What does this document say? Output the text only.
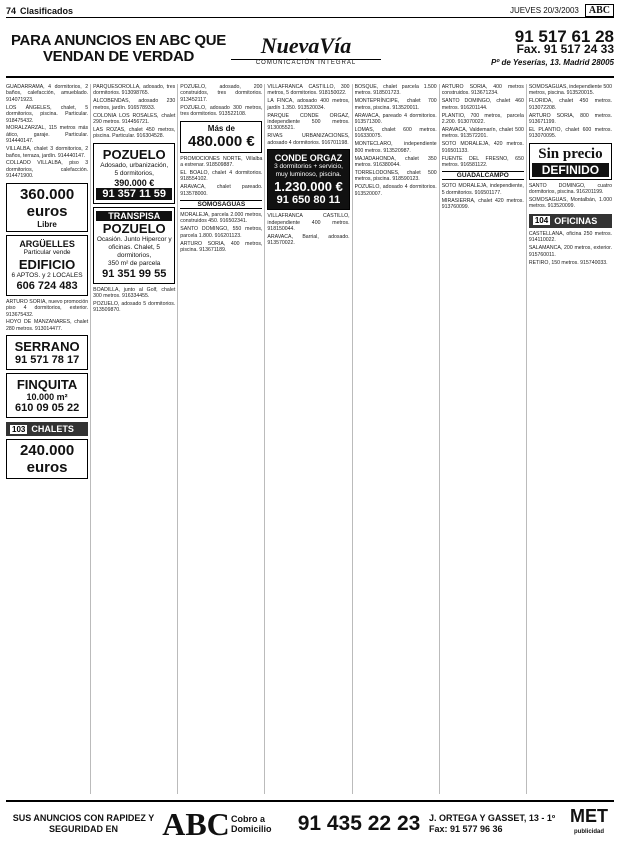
74 Clasificados	JUEVES 20/3/2003	ABC
PARA ANUNCIOS EN ABC QUE VENDAN DE VERDAD	NuevaVía
COMUNICACIÓN INTEGRAL
91 517 61 28
Fax. 91 517 24 33
Pº de Yeserías, 13. Madrid 28005

GUADARRAMA, 4 dormitorios, 2 baños, calefacción, amueblado. 914071923.

LOS ÁNGELES, chalet, 5 dormitorios, piscina. Particular. 918475432.

MORALZARZAL, 115 metros más ático, garaje. Particular. 914440147.

VILLALBA, chalet 3 dormitorios, 2 baños, terraza, jardín. 914440147.

COLLADO VILLALBA, piso 3 dormitorios, calefacción. 914471900.

360.000 euros
Libre
ARGÜELLES
Particular vende
EDIFICIO
6 APTOS. y 2 LOCALES
606 724 483

ARTURO SORIA, nuevo promoción piso 4 dormitorios, exterior. 913675432.

HOYO DE MANZANARES, chalet 280 metros. 913014477.

SERRANO
91 571 78 17
FINQUITA
10.000 m²
610 09 05 22
103 CHALETS
240.000 euros

PARQUESOROLLA, adosado, tres dormitorios. 913098765.

ALCOBENDAS, adosado 230 metros, jardín. 916578933.

COLONIA LOS ROSALES, chalet 290 metros. 914456721.

LAS ROZAS, chalet 450 metros, piscina. Particular. 916304528.

POZUELO
Adosado, urbanización,
5 dormitorios,
390.000 €
91 357 11 59
TRANSPISA
POZUELO
Ocasión. Junto Hipercor y
oficinas. Chalet, 5 dormitorios,
350 m² de parcela
91 351 99 55

BOADILLA, junto al Golf, chalet 300 metros. 916334455.

POZUELO, adosado 5 dormitorios. 913509870.

POZUELO, adosado, 200 construidos, tres dormitorios. 913452117.

POZUELO, adosado 300 metros, tres dormitorios. 913522108.

Más de
480.000 €

PROMOCIONES NORTE, Villalba a estrenar. 918509887.

EL BOALO, chalet 4 dormitorios. 918554102.

ARAVACA, chalet pareado. 913578000.

SOMOSAGUAS

MORALEJA, parcela 2.000 metros, construidos 450. 916502341.

SANTO DOMINGO, 550 metros, parcela 1.800. 916201123.

ARTURO SORIA, 400 metros, piscina. 913671189.

VILLAFRANCA CASTILLO, 300 metros, 5 dormitorios. 918150022.

LA FINCA, adosado 400 metros, jardín 1.350. 913520034.

PARQUE CONDE ORGAZ, independiente 500 metros. 913005521.

RIVAS URBANIZACIONES, adosado 4 dormitorios. 916701198.

CONDE ORGAZ
3 dormitorios + servicio,
muy luminoso, piscina.
1.230.000 €
91 650 80 11

VILLAFRANCA CASTILLO, independiente 400 metros. 918150044.

ARAVACA, Barrial, adosado. 913570022.

BOSQUE, chalet parcela 1.500 metros. 918501723.

MONTEPRÍNCIPE, chalet 700 metros, piscina. 913520011.

ARAVACA, pareado 4 dormitorios. 913571300.

LOMAS, chalet 600 metros. 916330075.

MONTECLARO, independiente 800 metros. 913520987.

MAJADAHONDA, chalet 350 metros. 916380044.

TORRELODONES, chalet 500 metros, piscina. 918590123.

POZUELO, adosado 4 dormitorios. 913520007.

ARTURO SORIA, 400 metros construidos. 913671234.

SANTO DOMINGO, chalet 460 metros. 916201144.

PLANTIO, 700 metros, parcela 2.200. 913070022.

ARAVACA, Valdemarín, chalet 500 metros. 913572201.

SOTO MORALEJA, 420 metros. 916501133.

FUENTE DEL FRESNO, 650 metros. 916581122.

GUADALCAMPO

SOTO MORALEJA, independiente, 5 dormitorios. 916501177.

MIRASIERRA, chalet 420 metros. 913760099.

SOMOSAGUAS, independiente 500 metros, piscina. 913520015.

FLORIDA, chalet 450 metros. 913072208.

ARTURO SORIA, 800 metros. 913671199.

EL PLANTIO, chalet 600 metros. 913070095.

Sin precio
DEFINIDO

SANTO DOMINGO, cuatro dormitorios, piscina. 916201199.

SOMOSAGUAS, Montalbán, 1.000 metros. 913520099.

104 OFICINAS

CASTELLANA, oficina 250 metros. 914110022.

SALAMANCA, 200 metros, exterior. 915760011.

RETIRO, 150 metros. 915740033.

SUS ANUNCIOS CON RAPIDEZ Y SEGURIDAD EN	ABC Cobro a Domicilio	91 435 22 23 J. ORTEGA Y GASSET, 13 - 1º Fax: 91 577 96 36
MET
publicidad
